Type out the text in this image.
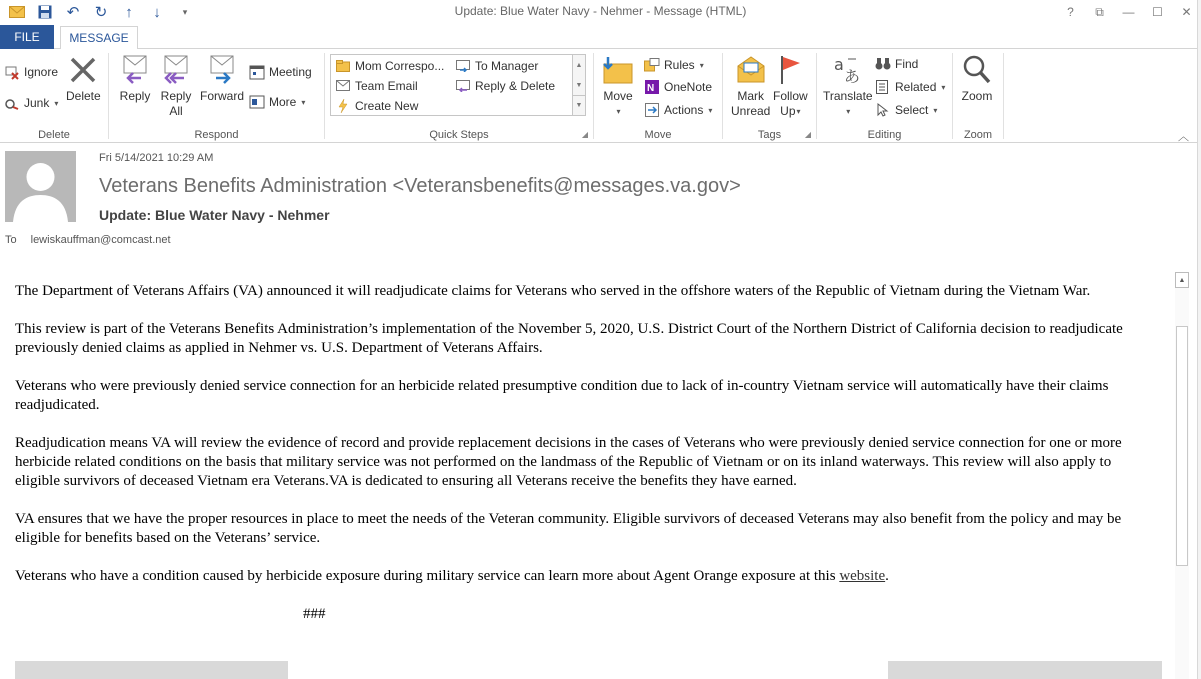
↶	↻	↑	↓	▾	Update: Blue Water Navy - Nehmer - Message (HTML)	?	⧉	—	☐	✕
FILE	MESSAGE
Ignore
Junk ▾ Delete
Delete
Reply Reply
All
Forward
Meeting
More ▾
Respond	Quick Steps	◢
Mom Correspo...	To Manager
Team Email	Reply & Delete
Create New
▲
▼
▼
Move
▾
Rules ▾
N OneNote
Actions ▾
Move
Mark
Unread
Follow
Up ▾
Tags	◢
a
あ
Translate
▾
Find
Related ▾
Select ▾
Editing
Zoom
Zoom	︿
Fri 5/14/2021 10:29 AM
Veterans Benefits Administration <Veteransbenefits@messages.va.gov>
Update: Blue Water Navy - Nehmer
To lewiskauffman@comcast.net

The Department of Veterans Affairs (VA) announced it will readjudicate claims for Veterans who served in the offshore waters of the Republic of Vietnam during the Vietnam War.

This review is part of the Veterans Benefits Administration’s implementation of the November 5, 2020, U.S. District Court of the Northern District of California decision to readjudicate previously denied claims as applied in Nehmer vs. U.S. Department of Veterans Affairs.

Veterans who were previously denied service connection for an herbicide related presumptive condition due to lack of in-country Vietnam service will automatically have their claims readjudicated.

Readjudication means VA will review the evidence of record and provide replacement decisions in the cases of Veterans who were previously denied service connection for one or more herbicide related conditions on the basis that military service was not performed on the landmass of the Republic of Vietnam or on its inland waterways. This review will also apply to eligible survivors of deceased Vietnam era Veterans.VA is dedicated to ensuring all Veterans receive the benefits they have earned.

VA ensures that we have the proper resources in place to meet the needs of the Veteran community. Eligible survivors of deceased Veterans may also benefit from the policy and may be eligible for benefits based on the Veterans’ service.

Veterans who have a condition caused by herbicide exposure during military service can learn more about Agent Orange exposure at this website.

###

▲
